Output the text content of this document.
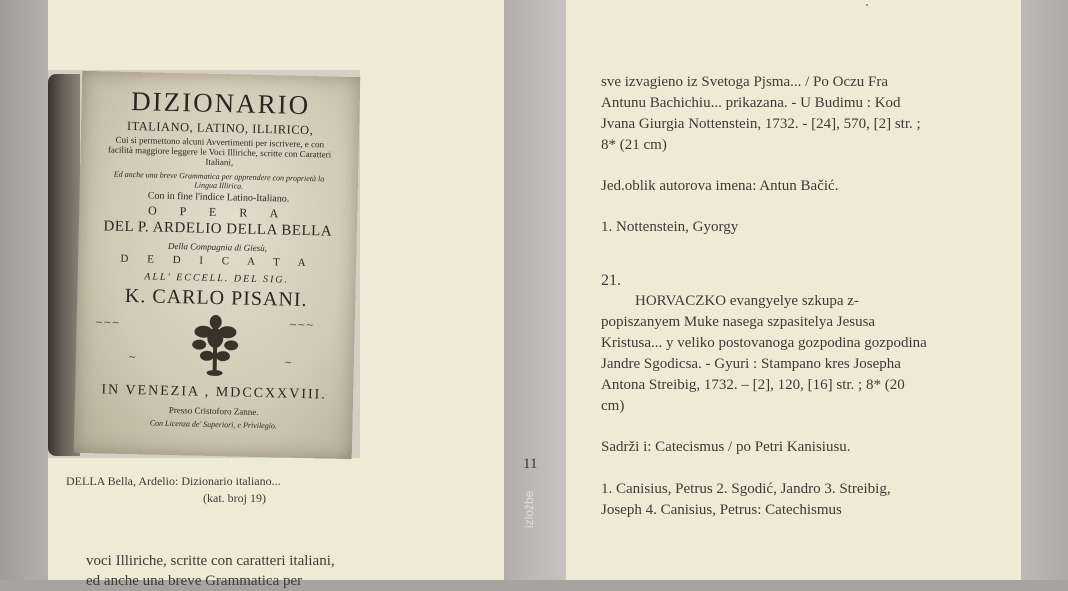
DIZIONARIO
ITALIANO, LATINO, ILLIRICO,
Cui si permettono alcuni Avvertimenti per iscrivere, e con facilità maggiore leggere le Voci Illiriche, scritte con Caratteri Italiani,
Ed anche una breve Grammatica per apprendere con proprietà la Lingua Illirica.
Con in fine l'indice Latino-Italiano.
O P E R A
DEL P. ARDELIO DELLA BELLA
Della Compagnia di Giesù,
D E D I C A T A
ALL' ECCELL. DEL SIG.
K. CARLO PISANI.
~~~	~~~
~	~
IN VENEZIA , MDCCXXVIII.
Presso Cristoforo Zanne.
Con Licenza de' Superiori, e Privilegio.
DELLA Bella, Ardelio: Dizionario italiano...
(kat. broj 19)
voci Illiriche, scritte con caratteri italiani,
ed anche una breve Grammatica per
11
izložbe

sve izvagieno iz Svetoga Pjsma... / Po Oczu Fra Antunu Bachichiu... prikazana. - U Budimu : Kod Jvana Giurgia Nottenstein, 1732. - [24], 570, [2] str. ; 8* (21 cm)

Jed.oblik autorova imena: Antun Bačić.

1. Nottenstein, Gyorgy

21.

HORVACZKO evangyelye szkupa z-popiszanyem Muke nasega szpasitelya Jesusa Kristusa... y veliko postovanoga gozpodina gozpodina Jandre Sgodicsa. - Gyuri : Stampano kres Josepha Antona Streibig, 1732. – [2], 120, [16] str. ; 8* (20 cm)

Sadrži i: Catecismus / po Petri Kanisiusu.

1. Canisius, Petrus 2. Sgodić, Jandro 3. Streibig, Joseph 4. Canisius, Petrus: Catechismus
